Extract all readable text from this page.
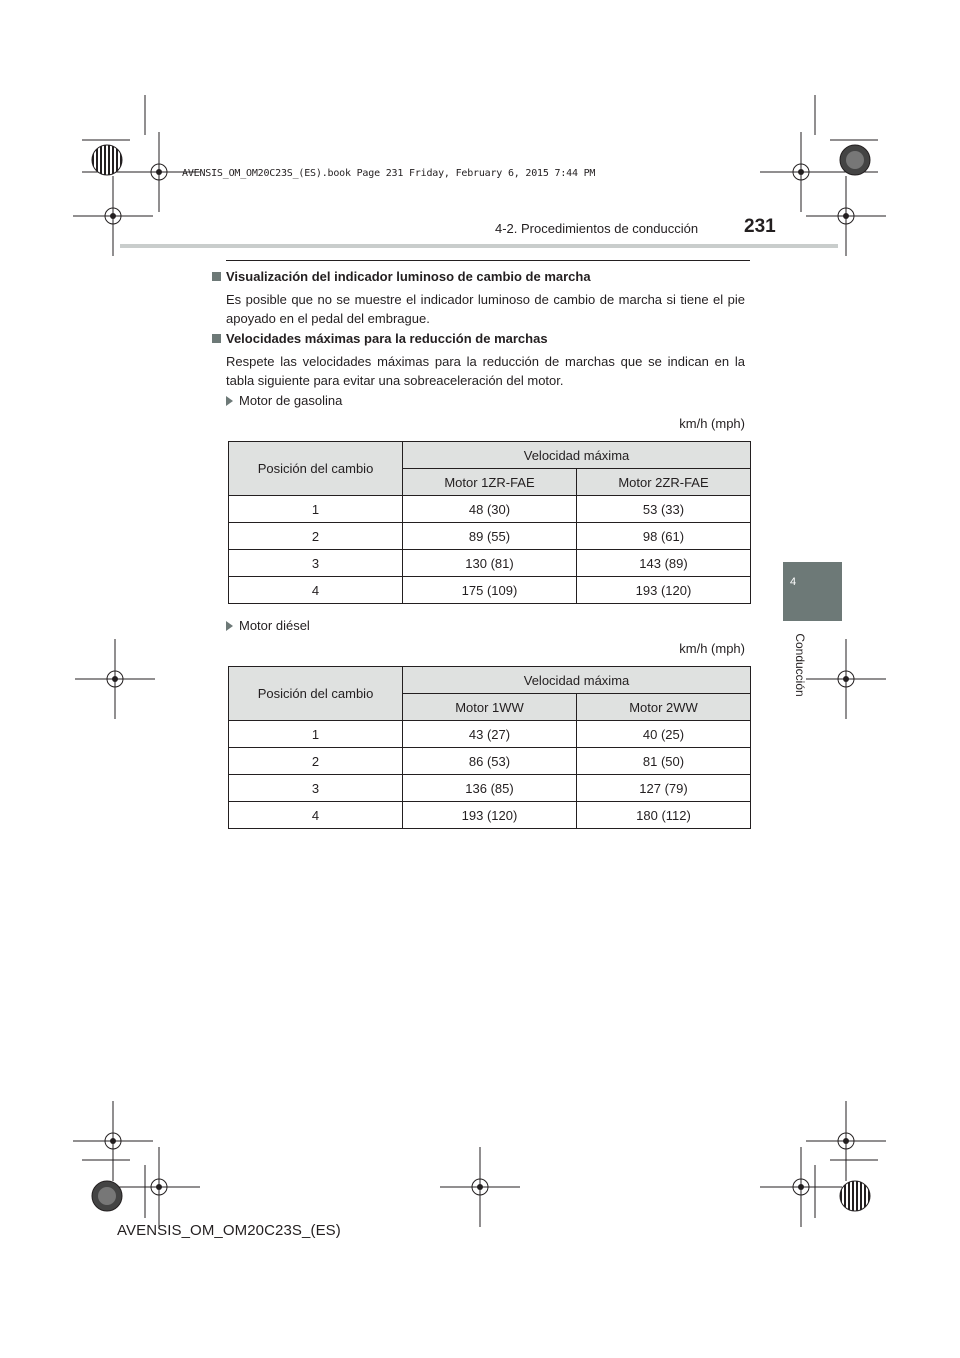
AVENSIS_OM_OM20C23S_(ES).book Page 231 Friday, February 6, 2015 7:44 PM
4-2. Procedimientos de conducción 231
4
Conducción
Visualización del indicador luminoso de cambio de marcha
Es posible que no se muestre el indicador luminoso de cambio de marcha si tiene el pie apoyado en el pedal del embrague.
Velocidades máximas para la reducción de marchas
Respete las velocidades máximas para la reducción de marchas que se indican en la tabla siguiente para evitar una sobreaceleración del motor.
Motor de gasolina
km/h (mph)
Posición del cambio	Velocidad máxima	
	Motor 1ZR-FAE	Motor 2ZR-FAE
1	48 (30)	53 (33)
2	89 (55)	98 (61)
3	130 (81)	143 (89)
4	175 (109)	193 (120)
Motor diésel
km/h (mph)
Posición del cambio	Velocidad máxima	
	Motor 1WW	Motor 2WW
1	43 (27)	40 (25)
2	86 (53)	81 (50)
3	136 (85)	127 (79)
4	193 (120)	180 (112)
AVENSIS_OM_OM20C23S_(ES)
